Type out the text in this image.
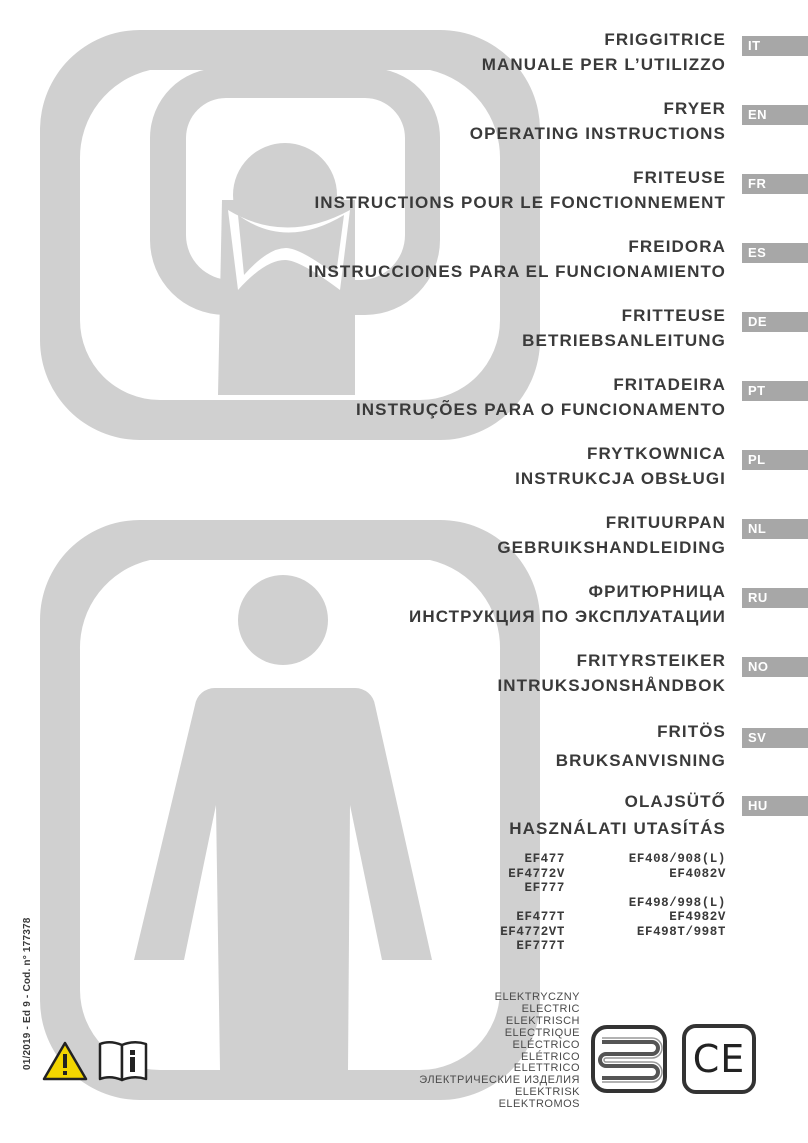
FRIGGITRICE
MANUALE PER L’UTILIZZO
IT
FRYER
OPERATING INSTRUCTIONS
EN
FRITEUSE
INSTRUCTIONS POUR LE FONCTIONNEMENT
FR
FREIDORA
INSTRUCCIONES PARA EL FUNCIONAMIENTO
ES
FRITTEUSE
BETRIEBSANLEITUNG
DE
FRITADEIRA
INSTRUÇÕES PARA O FUNCIONAMENTO
PT
FRYTKOWNICA
INSTRUKCJA OBSŁUGI
PL
FRITUURPAN
GEBRUIKSHANDLEIDING
NL
ФРИТЮРНИЦА
ИНСТРУКЦИЯ ПО ЭКСПЛУАТАЦИИ
RU
FRITYRSTEIKER
INTRUKSJONSHÅNDBOK
NO
FRITÖS
BRUKSANVISNING
SV
OLAJSÜTŐ
HASZNÁLATI UTASÍTÁS
HU
EF477
EF4772V
EF777
EF477T
EF4772VT
EF777T
EF408/908(L)
EF4082V
EF498/998(L)
EF4982V
EF498T/998T
ELEKTRYCZNY
ELECTRIC
ELEKTRISCH
ELECTRIQUE
ELÉCTRICO
ELÉTRICO
ELETTRICO
ЭЛЕКТРИЧЕСКИЕ ИЗДЕЛИЯ
ELEKTRISK
ELEKTROMOS
01/2019 - Ed 9 - Cod. n° 177378	CE
